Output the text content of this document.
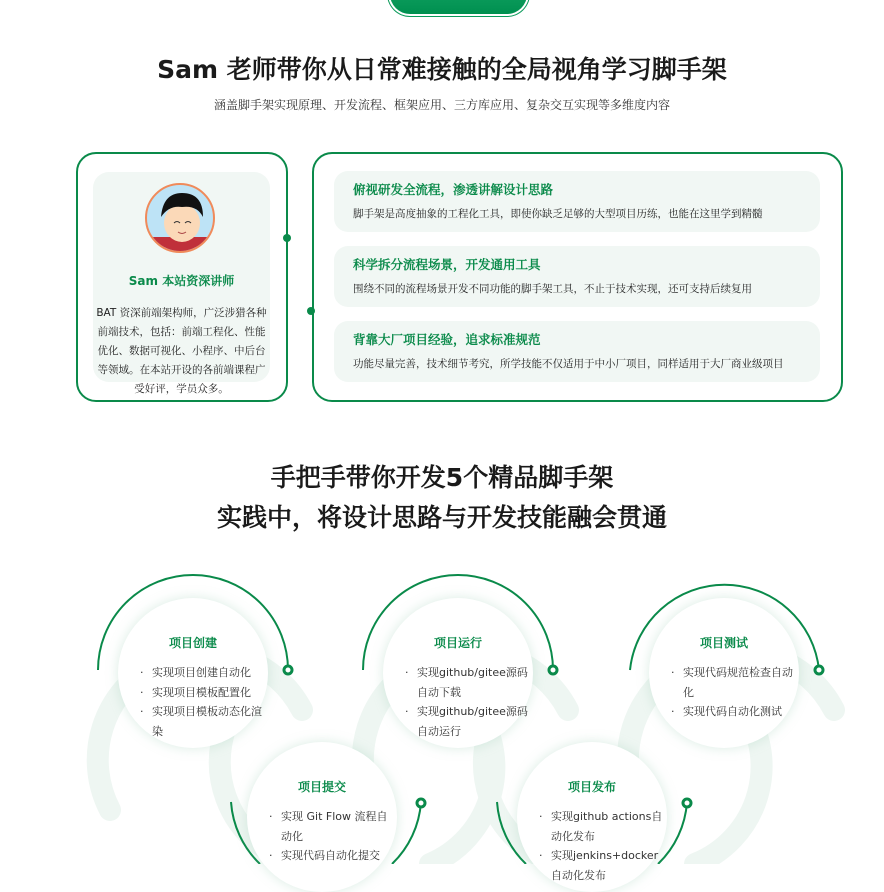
Sam 老师带你从日常难接触的全局视角学习脚手架
涵盖脚手架实现原理、开发流程、框架应用、三方库应用、复杂交互实现等多维度内容
Sam 本站资深讲师
BAT 资深前端架构师，广泛涉猎各种前端技术，包括：前端工程化、性能优化、数据可视化、小程序、中后台等领域。在本站开设的各前端课程广受好评，学员众多。
俯视研发全流程，渗透讲解设计思路
脚手架是高度抽象的工程化工具，即使你缺乏足够的大型项目历练，也能在这里学到精髓
科学拆分流程场景，开发通用工具
围绕不同的流程场景开发不同功能的脚手架工具，不止于技术实现，还可支持后续复用
背靠大厂项目经验，追求标准规范
功能尽量完善，技术细节考究，所学技能不仅适用于中小厂项目，同样适用于大厂商业级项目
手把手带你开发5个精品脚手架
实践中，将设计思路与开发技能融会贯通
项目创建
· 实现项目创建自动化
· 实现项目模板配置化
· 实现项目模板动态化渲染
项目运行
· 实现github/gitee源码自动下载
· 实现github/gitee源码自动运行
项目测试
· 实现代码规范检查自动化
· 实现代码自动化测试
项目提交
· 实现 Git Flow 流程自动化
· 实现代码自动化提交
项目发布
· 实现github actions自动化发布
· 实现jenkins+docker自动化发布
